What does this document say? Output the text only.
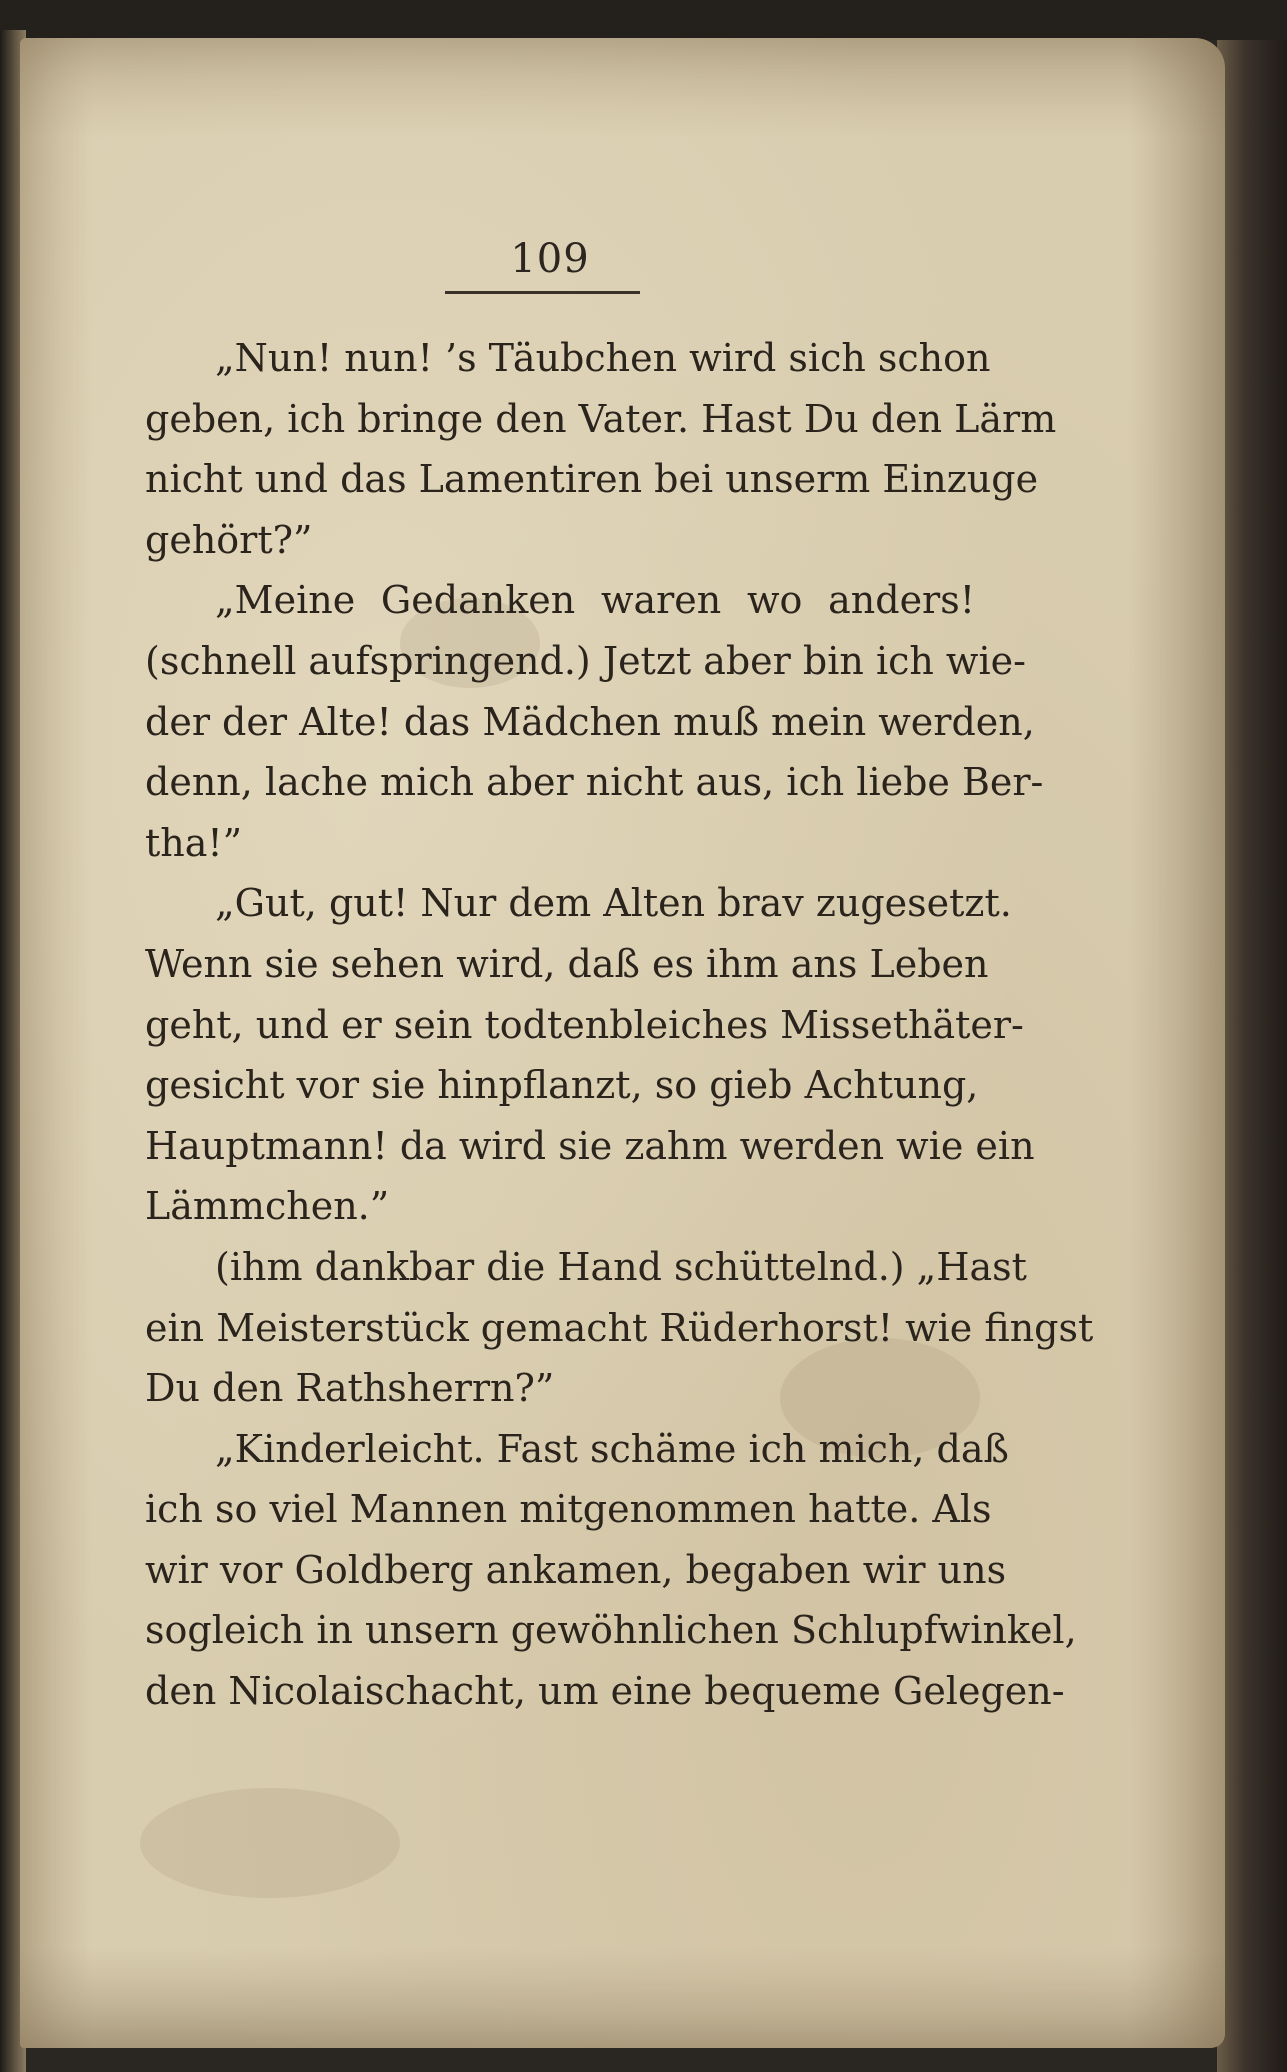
109
„Nun! nun! ’s Täubchen wird sich schon
geben, ich bringe den Vater. Hast Du den Lärm
nicht und das Lamentiren bei unserm Einzuge
gehört?”
„Meine Gedanken waren wo anders!
(schnell aufspringend.) Jetzt aber bin ich wie-
der der Alte! das Mädchen muß mein werden,
denn, lache mich aber nicht aus, ich liebe Ber-
tha!”
„Gut, gut! Nur dem Alten brav zugesetzt.
Wenn sie sehen wird, daß es ihm ans Leben
geht, und er sein todtenbleiches Missethäter-
gesicht vor sie hinpflanzt, so gieb Achtung,
Hauptmann! da wird sie zahm werden wie ein
Lämmchen.”
(ihm dankbar die Hand schüttelnd.) „Hast
ein Meisterstück gemacht Rüderhorst! wie fingst
Du den Rathsherrn?”
„Kinderleicht. Fast schäme ich mich, daß
ich so viel Mannen mitgenommen hatte. Als
wir vor Goldberg ankamen, begaben wir uns
sogleich in unsern gewöhnlichen Schlupfwinkel,
den Nicolaischacht, um eine bequeme Gelegen-
